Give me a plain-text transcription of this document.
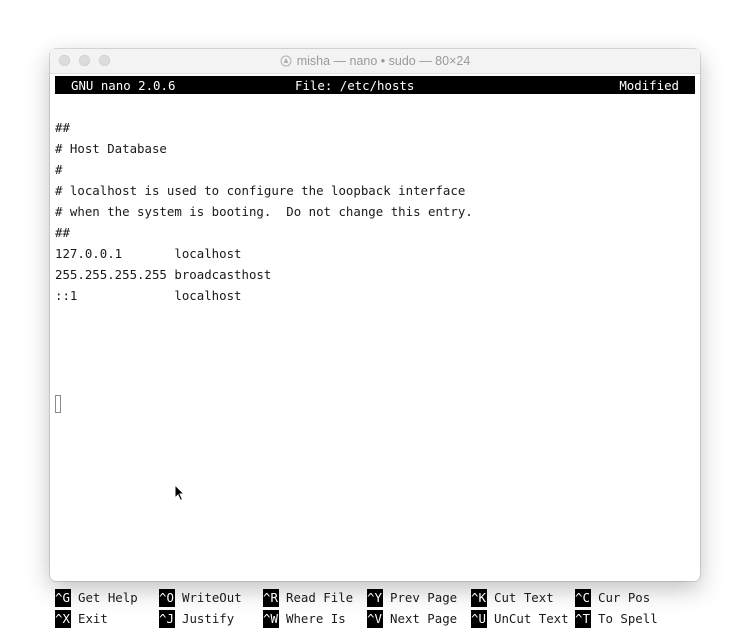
misha — nano • sudo — 80×24
GNU nano 2.0.6	File: /etc/hosts	Modified
##
# Host Database
#
# localhost is used to configure the loopback interface
# when the system is booting.  Do not change this entry.
##
127.0.0.1       localhost
255.255.255.255 broadcasthost
::1             localhost
^G Get Help ^O WriteOut ^R Read File ^Y Prev Page ^K Cut Text ^C Cur Pos
^X Exit	^J Justify ^W Where Is ^V Next Page ^U UnCut Text ^T To Spell
